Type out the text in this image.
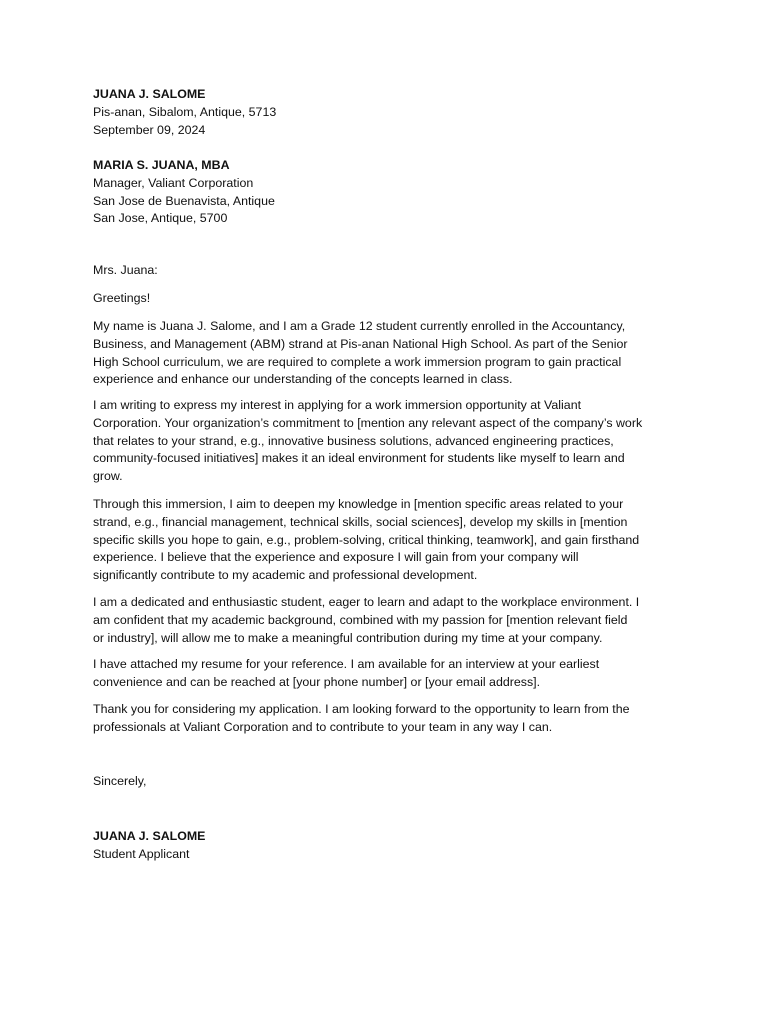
JUANA J. SALOME
Pis-anan, Sibalom, Antique, 5713
September 09, 2024
MARIA S. JUANA, MBA
Manager, Valiant Corporation
San Jose de Buenavista, Antique
San Jose, Antique, 5700
Mrs. Juana:
Greetings!
My name is Juana J. Salome, and I am a Grade 12 student currently enrolled in the Accountancy,
Business, and Management (ABM) strand at Pis-anan National High School. As part of the Senior
High School curriculum, we are required to complete a work immersion program to gain practical
experience and enhance our understanding of the concepts learned in class.
I am writing to express my interest in applying for a work immersion opportunity at Valiant
Corporation. Your organization’s commitment to [mention any relevant aspect of the company’s work
that relates to your strand, e.g., innovative business solutions, advanced engineering practices,
community-focused initiatives] makes it an ideal environment for students like myself to learn and
grow.
Through this immersion, I aim to deepen my knowledge in [mention specific areas related to your
strand, e.g., financial management, technical skills, social sciences], develop my skills in [mention
specific skills you hope to gain, e.g., problem-solving, critical thinking, teamwork], and gain firsthand
experience. I believe that the experience and exposure I will gain from your company will
significantly contribute to my academic and professional development.
I am a dedicated and enthusiastic student, eager to learn and adapt to the workplace environment. I
am confident that my academic background, combined with my passion for [mention relevant field
or industry], will allow me to make a meaningful contribution during my time at your company.
I have attached my resume for your reference. I am available for an interview at your earliest
convenience and can be reached at [your phone number] or [your email address].
Thank you for considering my application. I am looking forward to the opportunity to learn from the
professionals at Valiant Corporation and to contribute to your team in any way I can.
Sincerely,
JUANA J. SALOME
Student Applicant
